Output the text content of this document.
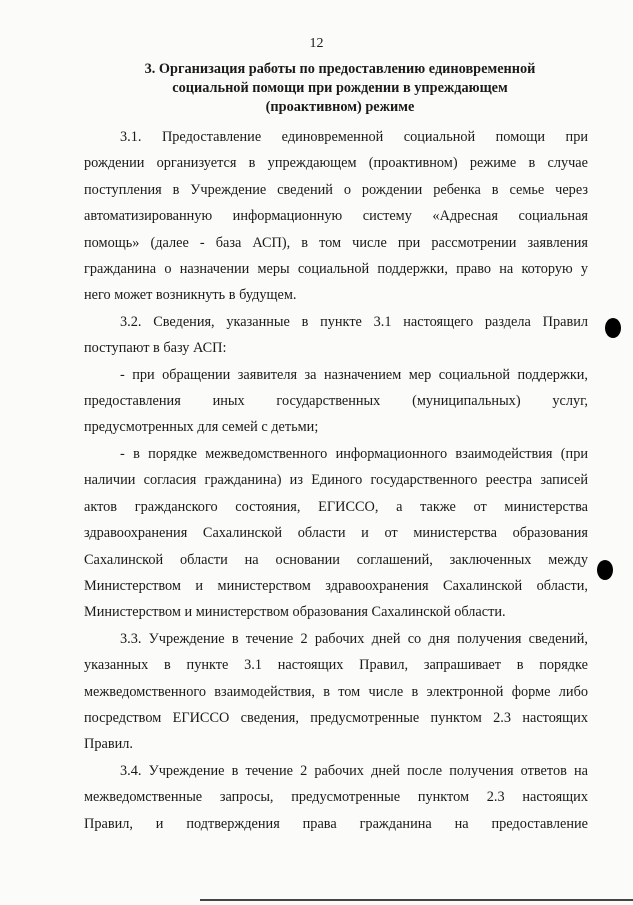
12
3. Организация работы по предоставлению единовременной
социальной помощи при рождении в упреждающем
(проактивном) режиме
3.1. Предоставление единовременной социальной помощи при
рождении организуется в упреждающем (проактивном) режиме в случае
поступления в Учреждение сведений о рождении ребенка в семье через
автоматизированную информационную систему «Адресная социальная
помощь» (далее - база АСП), в том числе при рассмотрении заявления
гражданина о назначении меры социальной поддержки, право на которую у
него может возникнуть в будущем.
3.2. Сведения, указанные в пункте 3.1 настоящего раздела Правил
поступают в базу АСП:
- при обращении заявителя за назначением мер социальной поддержки,
предоставления иных государственных (муниципальных) услуг,
предусмотренных для семей с детьми;
- в порядке межведомственного информационного взаимодействия (при
наличии согласия гражданина) из Единого государственного реестра записей
актов гражданского состояния, ЕГИССО, а также от министерства
здравоохранения Сахалинской области и от министерства образования
Сахалинской области на основании соглашений, заключенных между
Министерством и министерством здравоохранения Сахалинской области,
Министерством и министерством образования Сахалинской области.
3.3. Учреждение в течение 2 рабочих дней со дня получения сведений,
указанных в пункте 3.1 настоящих Правил, запрашивает в порядке
межведомственного взаимодействия, в том числе в электронной форме либо
посредством ЕГИССО сведения, предусмотренные пунктом 2.3 настоящих
Правил.
3.4. Учреждение в течение 2 рабочих дней после получения ответов на
межведомственные запросы, предусмотренные пунктом 2.3 настоящих
Правил, и подтверждения права гражданина на предоставление
